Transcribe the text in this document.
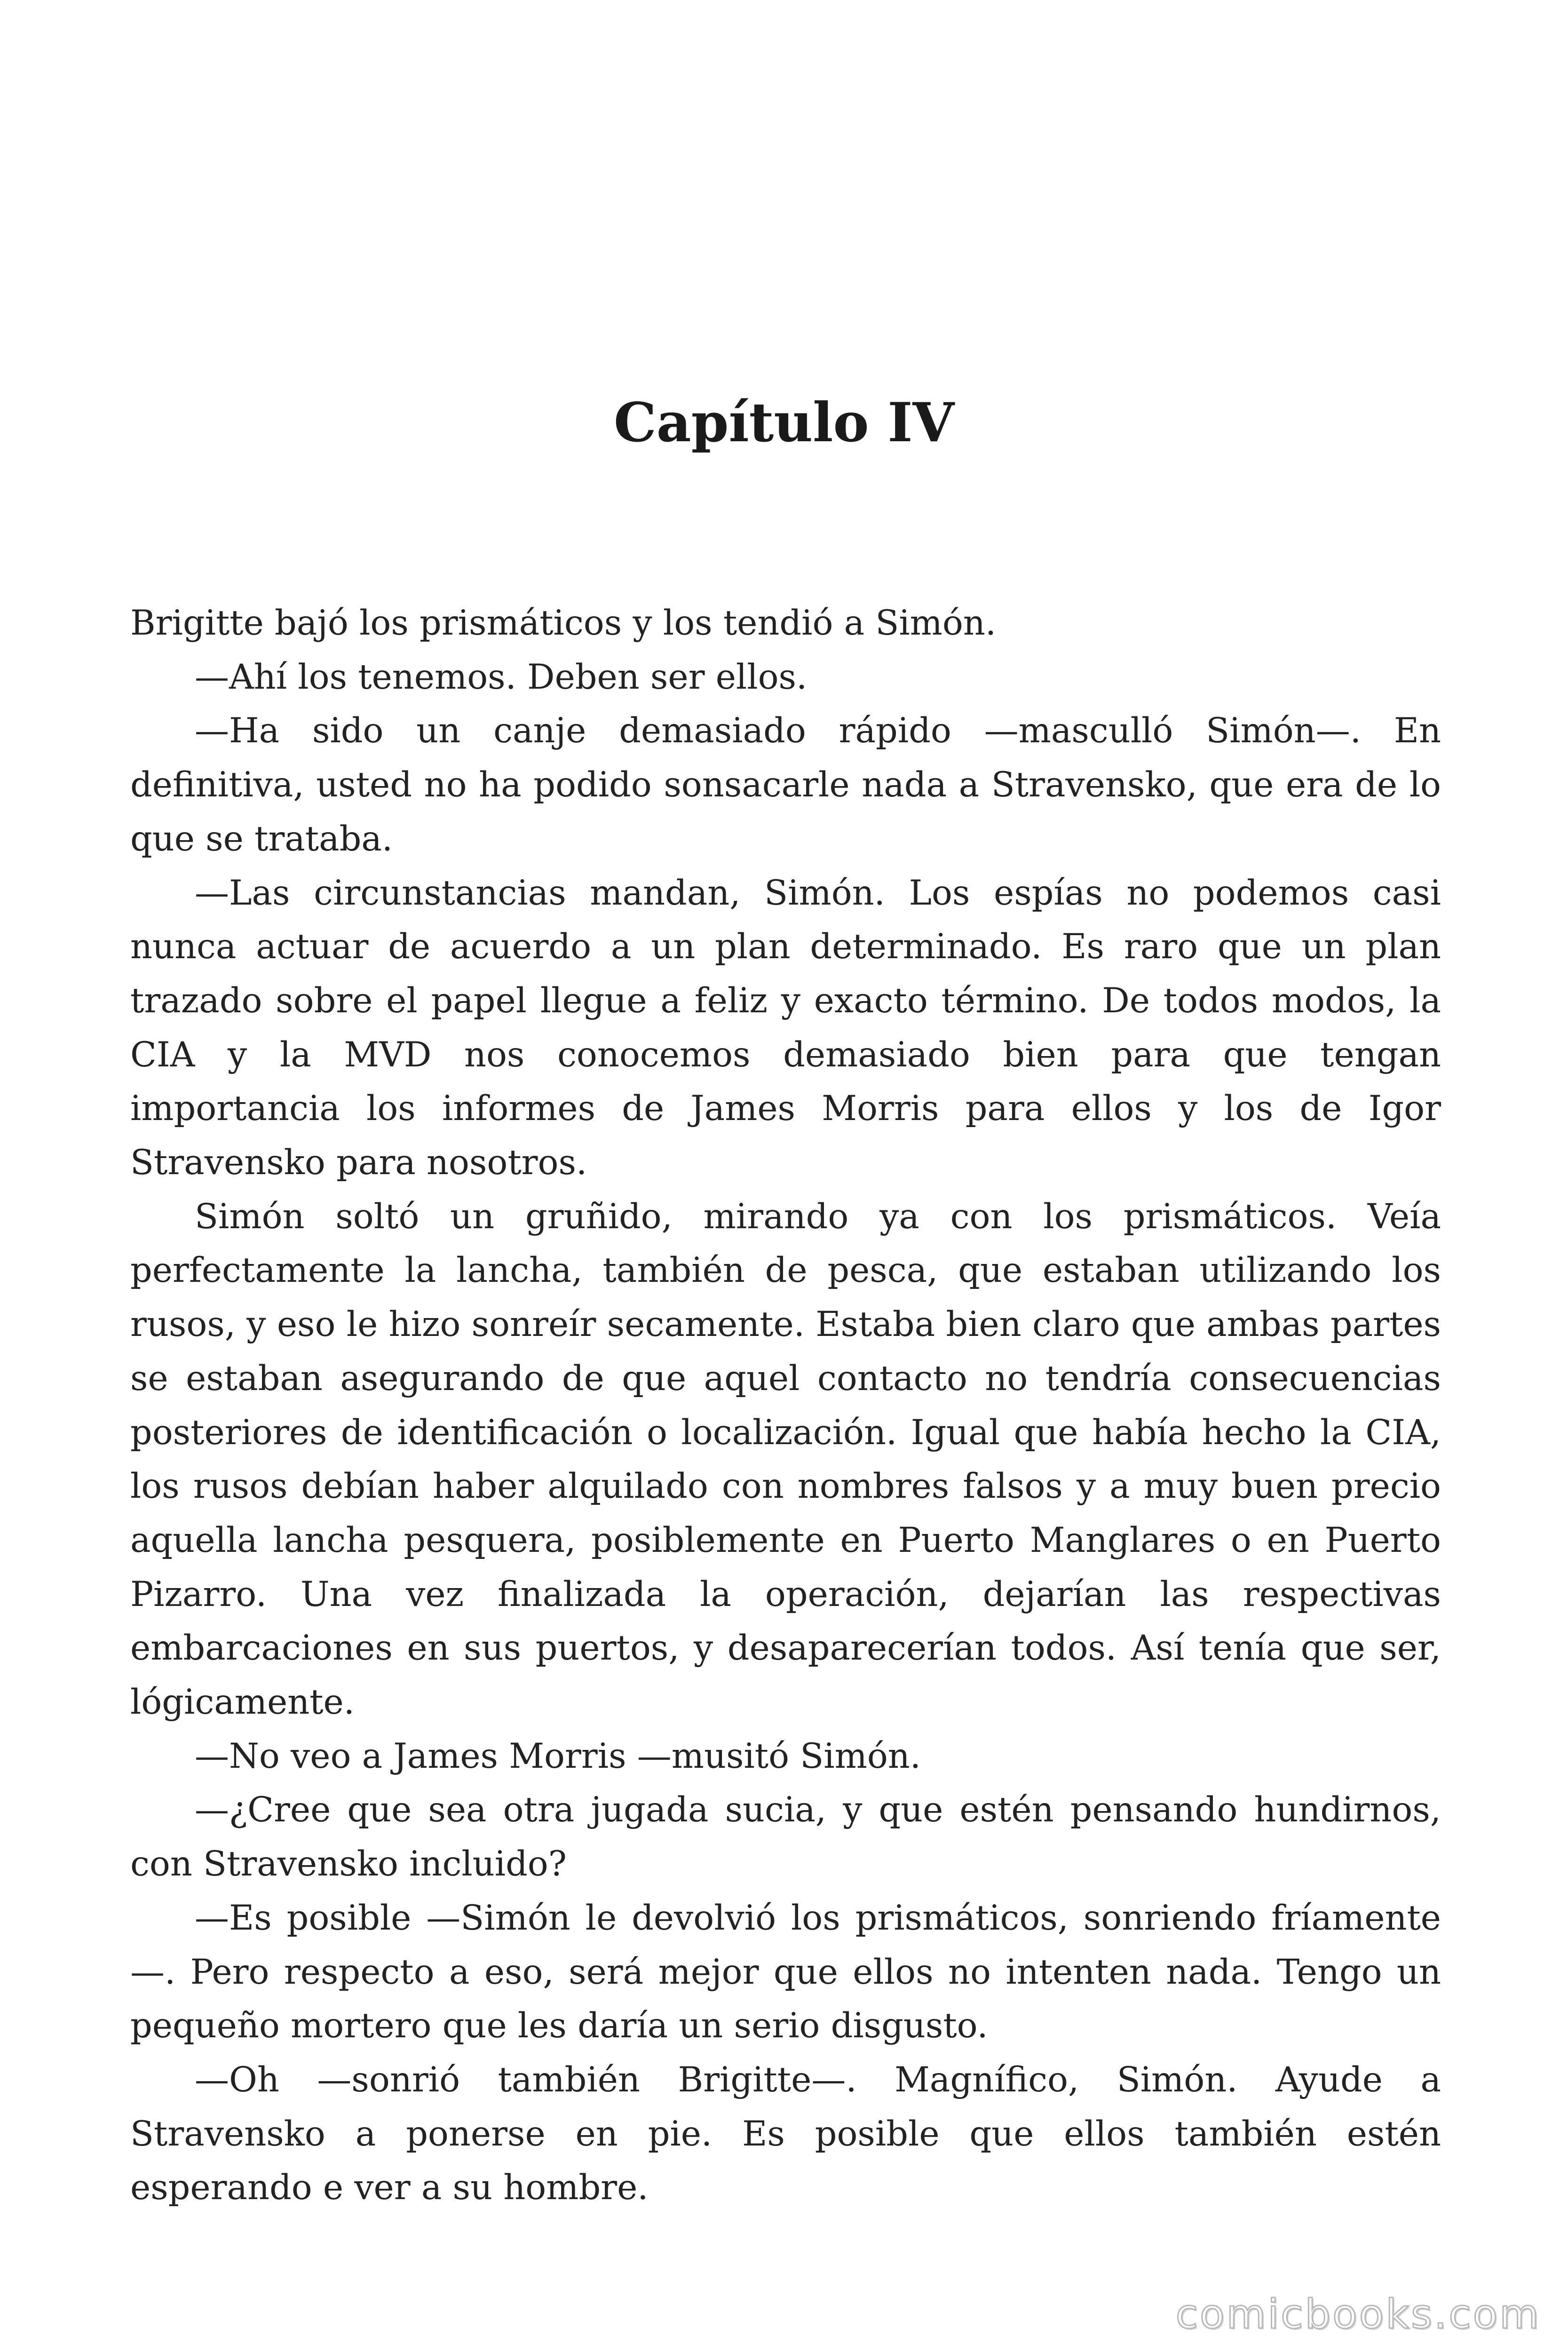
Capítulo IV

Brigitte bajó los prismáticos y los tendió a Simón.

—Ahí los tenemos. Deben ser ellos.

—Ha sido un canje demasiado rápido —masculló Simón—. En definitiva, usted no ha podido sonsacarle nada a Stravensko, que era de lo que se trataba.

—Las circunstancias mandan, Simón. Los espías no podemos casi nunca actuar de acuerdo a un plan determinado. Es raro que un plan trazado sobre el papel llegue a feliz y exacto término. De todos modos, la CIA y la MVD nos conocemos demasiado bien para que tengan importancia los informes de James Morris para ellos y los de Igor Stravensko para nosotros.

Simón soltó un gruñido, mirando ya con los prismáticos. Veía perfectamente la lancha, también de pesca, que estaban utilizando los rusos, y eso le hizo sonreír secamente. Estaba bien claro que ambas partes se estaban asegurando de que aquel contacto no tendría consecuencias posteriores de identificación o localización. Igual que había hecho la CIA, los rusos debían haber alquilado con nombres falsos y a muy buen precio aquella lancha pesquera, posiblemente en Puerto Manglares o en Puerto Pizarro. Una vez finalizada la operación, dejarían las respectivas embarcaciones en sus puertos, y desaparecerían todos. Así tenía que ser, lógicamente.

—No veo a James Morris —musitó Simón.

—¿Cree que sea otra jugada sucia, y que estén pensando hundirnos, con Stravensko incluido?

—Es posible —Simón le devolvió los prismáticos, sonriendo fríamente—. Pero respecto a eso, será mejor que ellos no intenten nada. Tengo un pequeño mortero que les daría un serio disgusto.

—Oh —sonrió también Brigitte—. Magnífico, Simón. Ayude a Stravensko a ponerse en pie. Es posible que ellos también estén esperando e ver a su hombre.

comicbooks.com
